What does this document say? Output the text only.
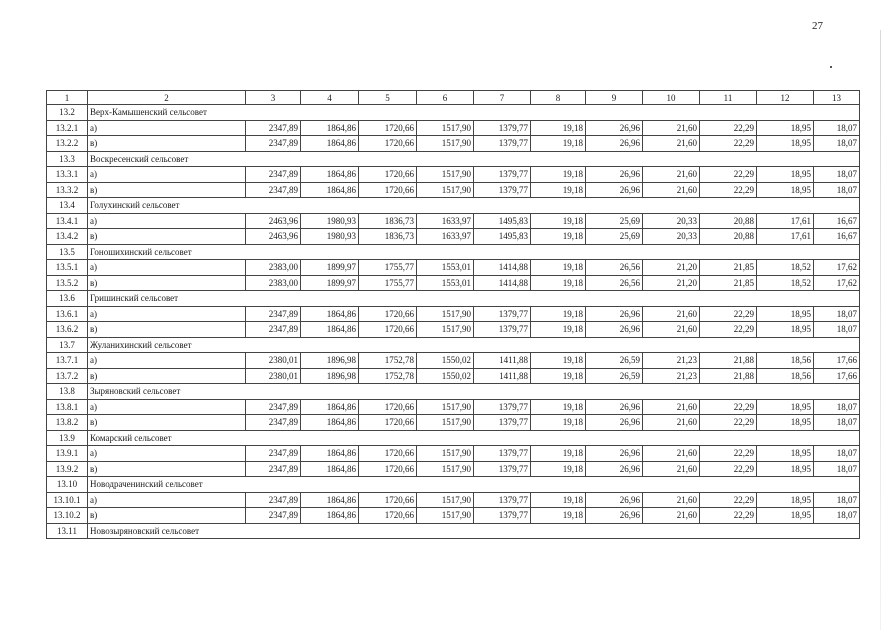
27
1	2	3	4	5	6	7	8	9	10	11	12	13
13.2	Верх-Камышенский сельсовет											
13.2.1	а)	2347,89	1864,86	1720,66	1517,90	1379,77	19,18	26,96	21,60	22,29	18,95	18,07
13.2.2	в)	2347,89	1864,86	1720,66	1517,90	1379,77	19,18	26,96	21,60	22,29	18,95	18,07
13.3	Воскресенский сельсовет											
13.3.1	а)	2347,89	1864,86	1720,66	1517,90	1379,77	19,18	26,96	21,60	22,29	18,95	18,07
13.3.2	в)	2347,89	1864,86	1720,66	1517,90	1379,77	19,18	26,96	21,60	22,29	18,95	18,07
13.4	Голухинский сельсовет											
13.4.1	а)	2463,96	1980,93	1836,73	1633,97	1495,83	19,18	25,69	20,33	20,88	17,61	16,67
13.4.2	в)	2463,96	1980,93	1836,73	1633,97	1495,83	19,18	25,69	20,33	20,88	17,61	16,67
13.5	Гоношихинский сельсовет											
13.5.1	а)	2383,00	1899,97	1755,77	1553,01	1414,88	19,18	26,56	21,20	21,85	18,52	17,62
13.5.2	в)	2383,00	1899,97	1755,77	1553,01	1414,88	19,18	26,56	21,20	21,85	18,52	17,62
13.6	Гришинский сельсовет											
13.6.1	а)	2347,89	1864,86	1720,66	1517,90	1379,77	19,18	26,96	21,60	22,29	18,95	18,07
13.6.2	в)	2347,89	1864,86	1720,66	1517,90	1379,77	19,18	26,96	21,60	22,29	18,95	18,07
13.7	Жуланихинский сельсовет											
13.7.1	а)	2380,01	1896,98	1752,78	1550,02	1411,88	19,18	26,59	21,23	21,88	18,56	17,66
13.7.2	в)	2380,01	1896,98	1752,78	1550,02	1411,88	19,18	26,59	21,23	21,88	18,56	17,66
13.8	Зыряновский сельсовет											
13.8.1	а)	2347,89	1864,86	1720,66	1517,90	1379,77	19,18	26,96	21,60	22,29	18,95	18,07
13.8.2	в)	2347,89	1864,86	1720,66	1517,90	1379,77	19,18	26,96	21,60	22,29	18,95	18,07
13.9	Комарский сельсовет											
13.9.1	а)	2347,89	1864,86	1720,66	1517,90	1379,77	19,18	26,96	21,60	22,29	18,95	18,07
13.9.2	в)	2347,89	1864,86	1720,66	1517,90	1379,77	19,18	26,96	21,60	22,29	18,95	18,07
13.10	Новодраченинский сельсовет											
13.10.1	а)	2347,89	1864,86	1720,66	1517,90	1379,77	19,18	26,96	21,60	22,29	18,95	18,07
13.10.2	в)	2347,89	1864,86	1720,66	1517,90	1379,77	19,18	26,96	21,60	22,29	18,95	18,07
13.11	Новозыряновский сельсовет											
